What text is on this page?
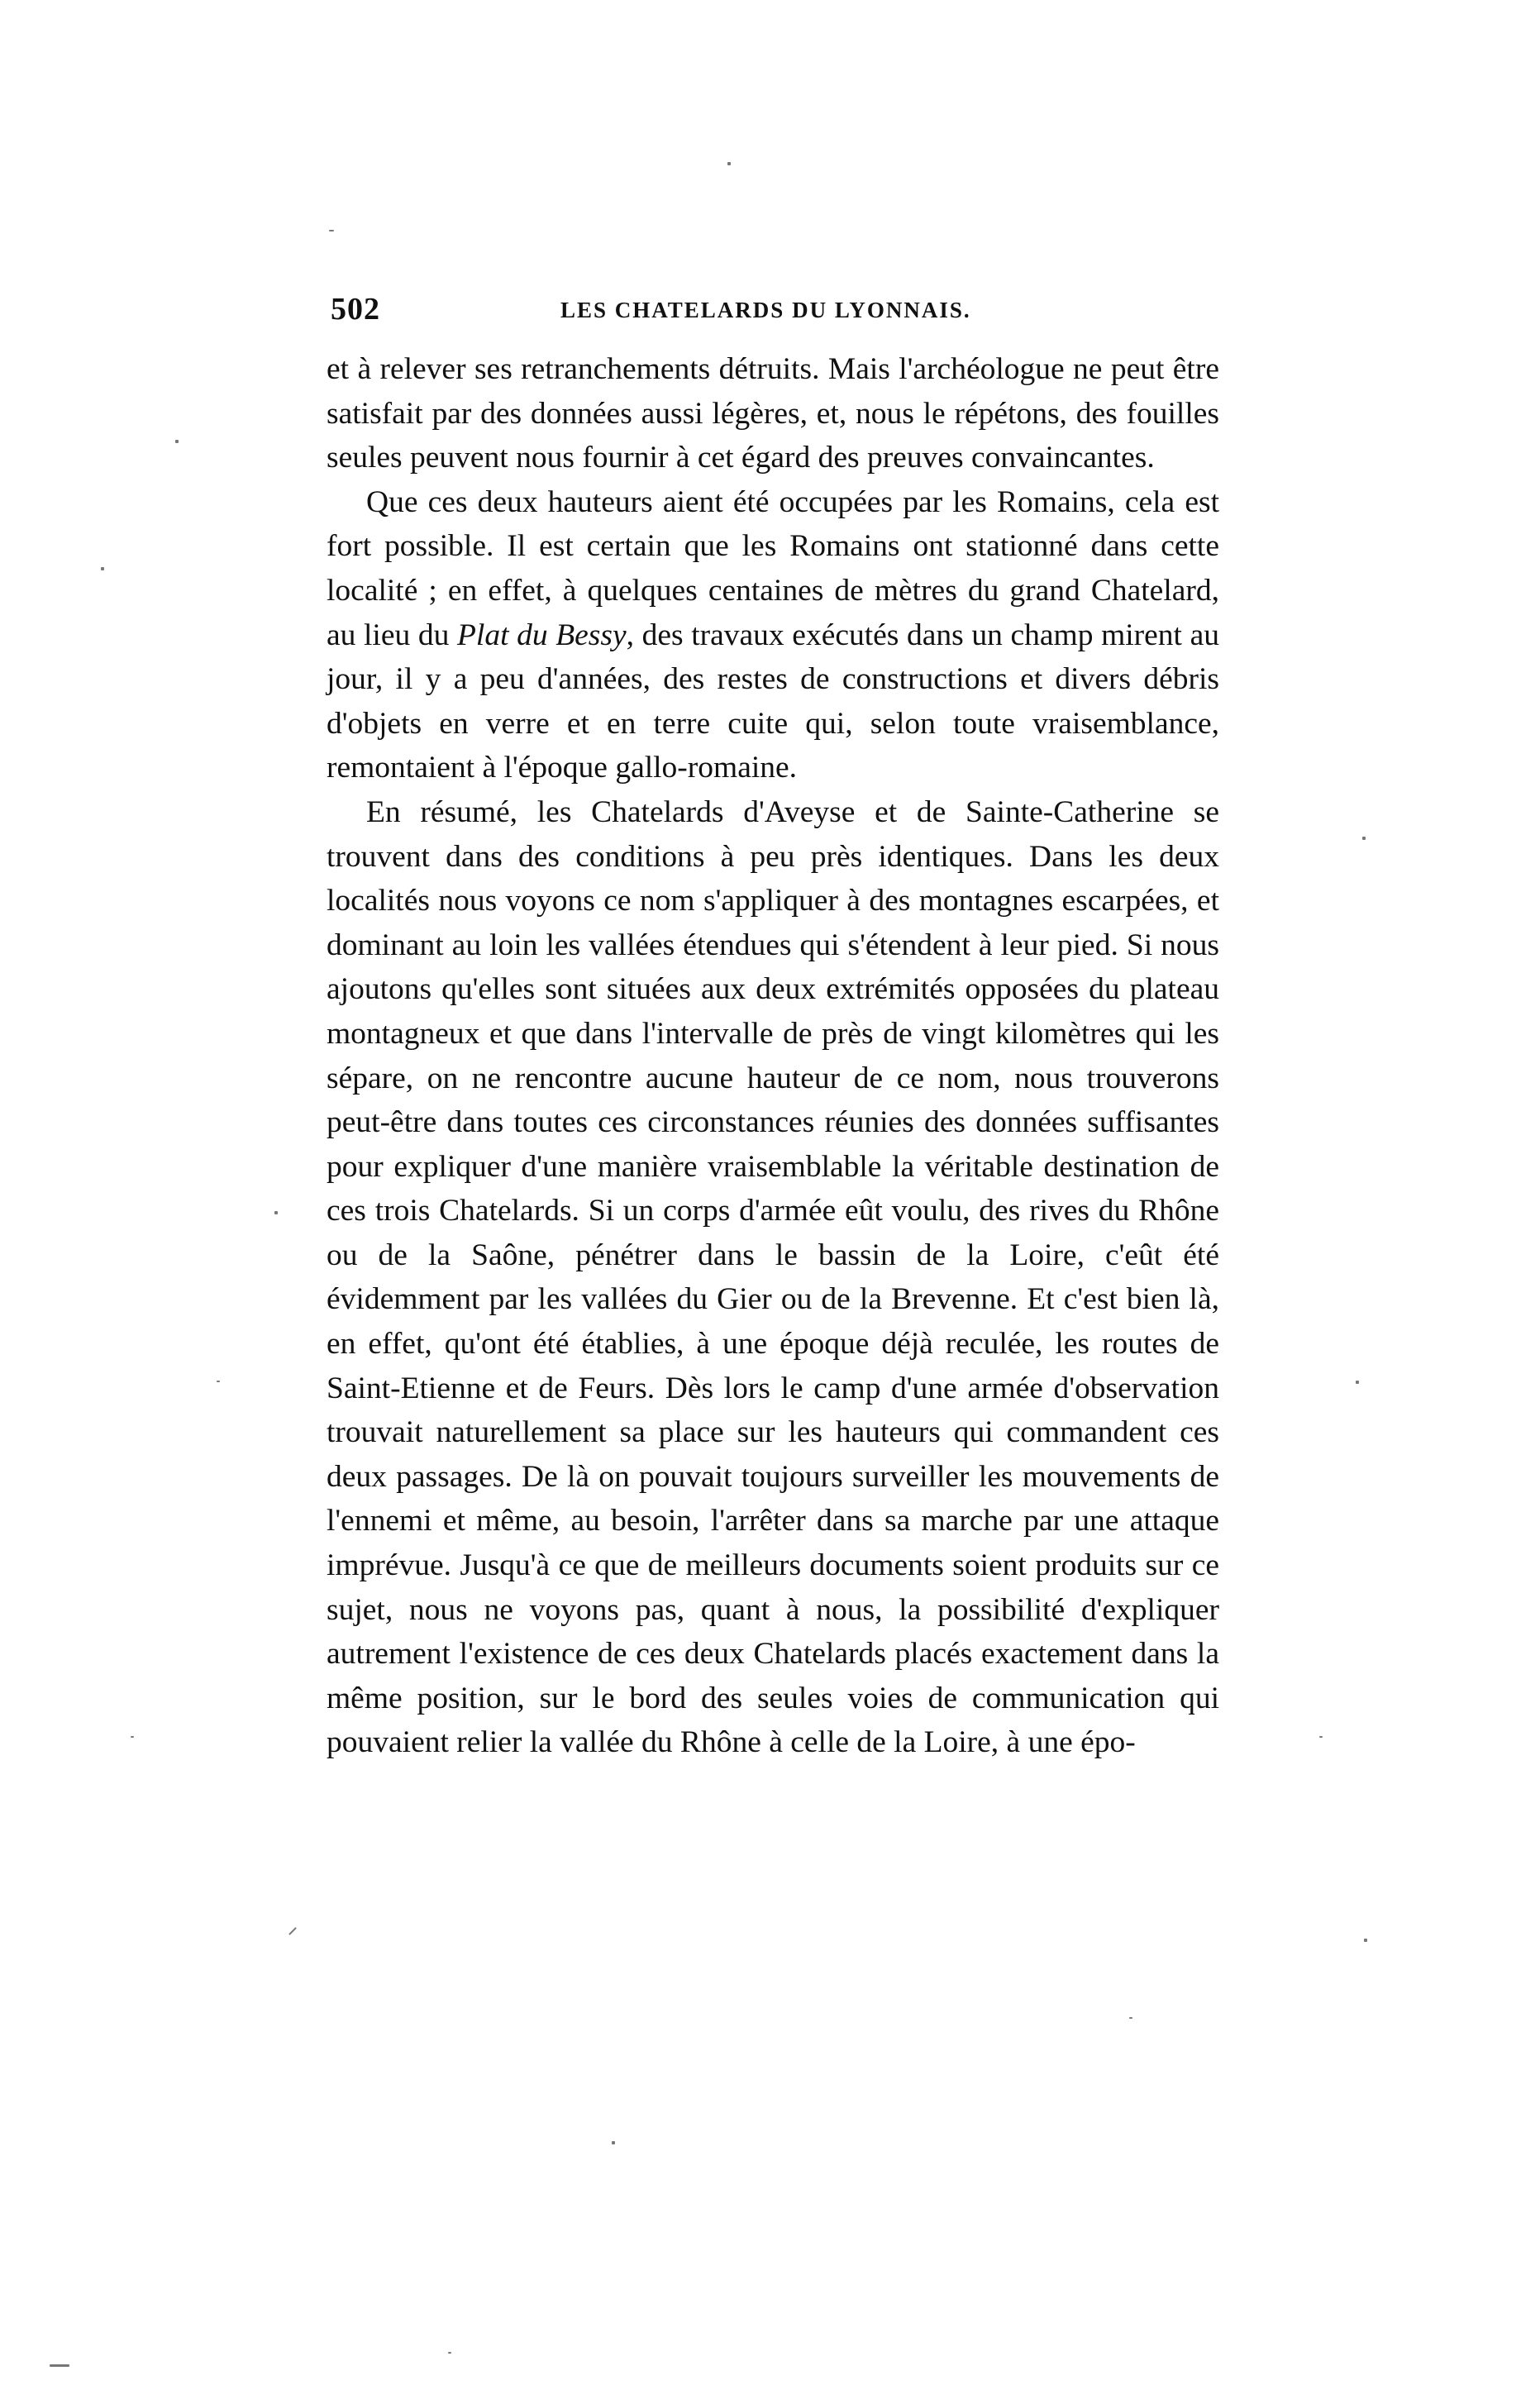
502	LES CHATELARDS DU LYONNAIS.

et à relever ses retranchements détruits. Mais l'archéologue ne peut être satisfait par des données aussi légères, et, nous le répétons, des fouilles seules peuvent nous fournir à cet égard des preuves convaincantes.

Que ces deux hauteurs aient été occupées par les Romains, cela est fort possible. Il est certain que les Romains ont stationné dans cette localité ; en effet, à quelques centaines de mètres du grand Chatelard, au lieu du Plat du Bessy, des travaux exécutés dans un champ mirent au jour, il y a peu d'années, des restes de constructions et divers débris d'objets en verre et en terre cuite qui, selon toute vraisemblance, remontaient à l'époque gallo-romaine.

En résumé, les Chatelards d'Aveyse et de Sainte-Catherine se trouvent dans des conditions à peu près identiques. Dans les deux localités nous voyons ce nom s'appliquer à des montagnes escarpées, et dominant au loin les vallées étendues qui s'étendent à leur pied. Si nous ajoutons qu'elles sont situées aux deux extrémités opposées du plateau montagneux et que dans l'intervalle de près de vingt kilomètres qui les sépare, on ne rencontre aucune hauteur de ce nom, nous trouverons peut-être dans toutes ces circonstances réunies des données suffisantes pour expliquer d'une manière vraisemblable la véritable destination de ces trois Chatelards. Si un corps d'armée eût voulu, des rives du Rhône ou de la Saône, pénétrer dans le bassin de la Loire, c'eût été évidemment par les vallées du Gier ou de la Brevenne. Et c'est bien là, en effet, qu'ont été établies, à une époque déjà reculée, les routes de Saint-Etienne et de Feurs. Dès lors le camp d'une armée d'observation trouvait naturellement sa place sur les hauteurs qui commandent ces deux passages. De là on pouvait toujours surveiller les mouvements de l'ennemi et même, au besoin, l'arrêter dans sa marche par une attaque imprévue. Jusqu'à ce que de meilleurs documents soient produits sur ce sujet, nous ne voyons pas, quant à nous, la possibilité d'expliquer autrement l'existence de ces deux Chatelards placés exactement dans la même position, sur le bord des seules voies de communication qui pouvaient relier la vallée du Rhône à celle de la Loire, à une épo-
